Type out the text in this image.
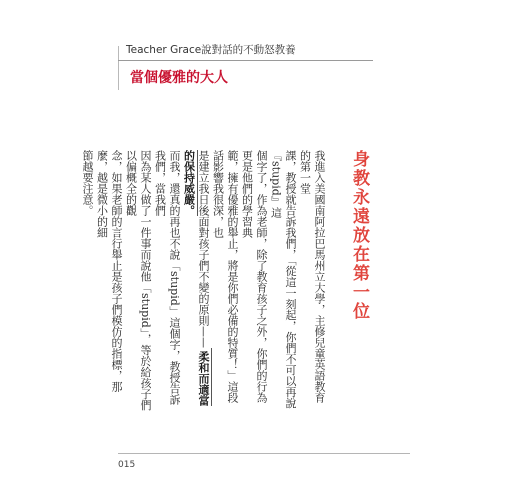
Teacher Grace說對話的不動怒教養
當個優雅的大人
身教永遠放在第一位

我進入美國南阿拉巴馬州立大學，主修兒童英語教育的第一堂
課，教授就告訴我們，「從這一刻起，你們不可以再說『stupid』這
個字了，作為老師，除了教育孩子之外，你們的行為更是他們的學習典
範，擁有優雅的舉止，將是你們必備的特質！」這段話影響我很深，也
是建立我日後面對孩子們不變的原則——柔和而適當的保持威嚴。

而我，還真的再也不說「stupid」這個字，教授告訴我們，當我們
因為某人做了一件事而說他「stupid」，等於給孩子們以偏概全的觀
念，如果老師的言行舉止是孩子們模仿的指標，那麼，越是微小的細
節越要注意。

015
